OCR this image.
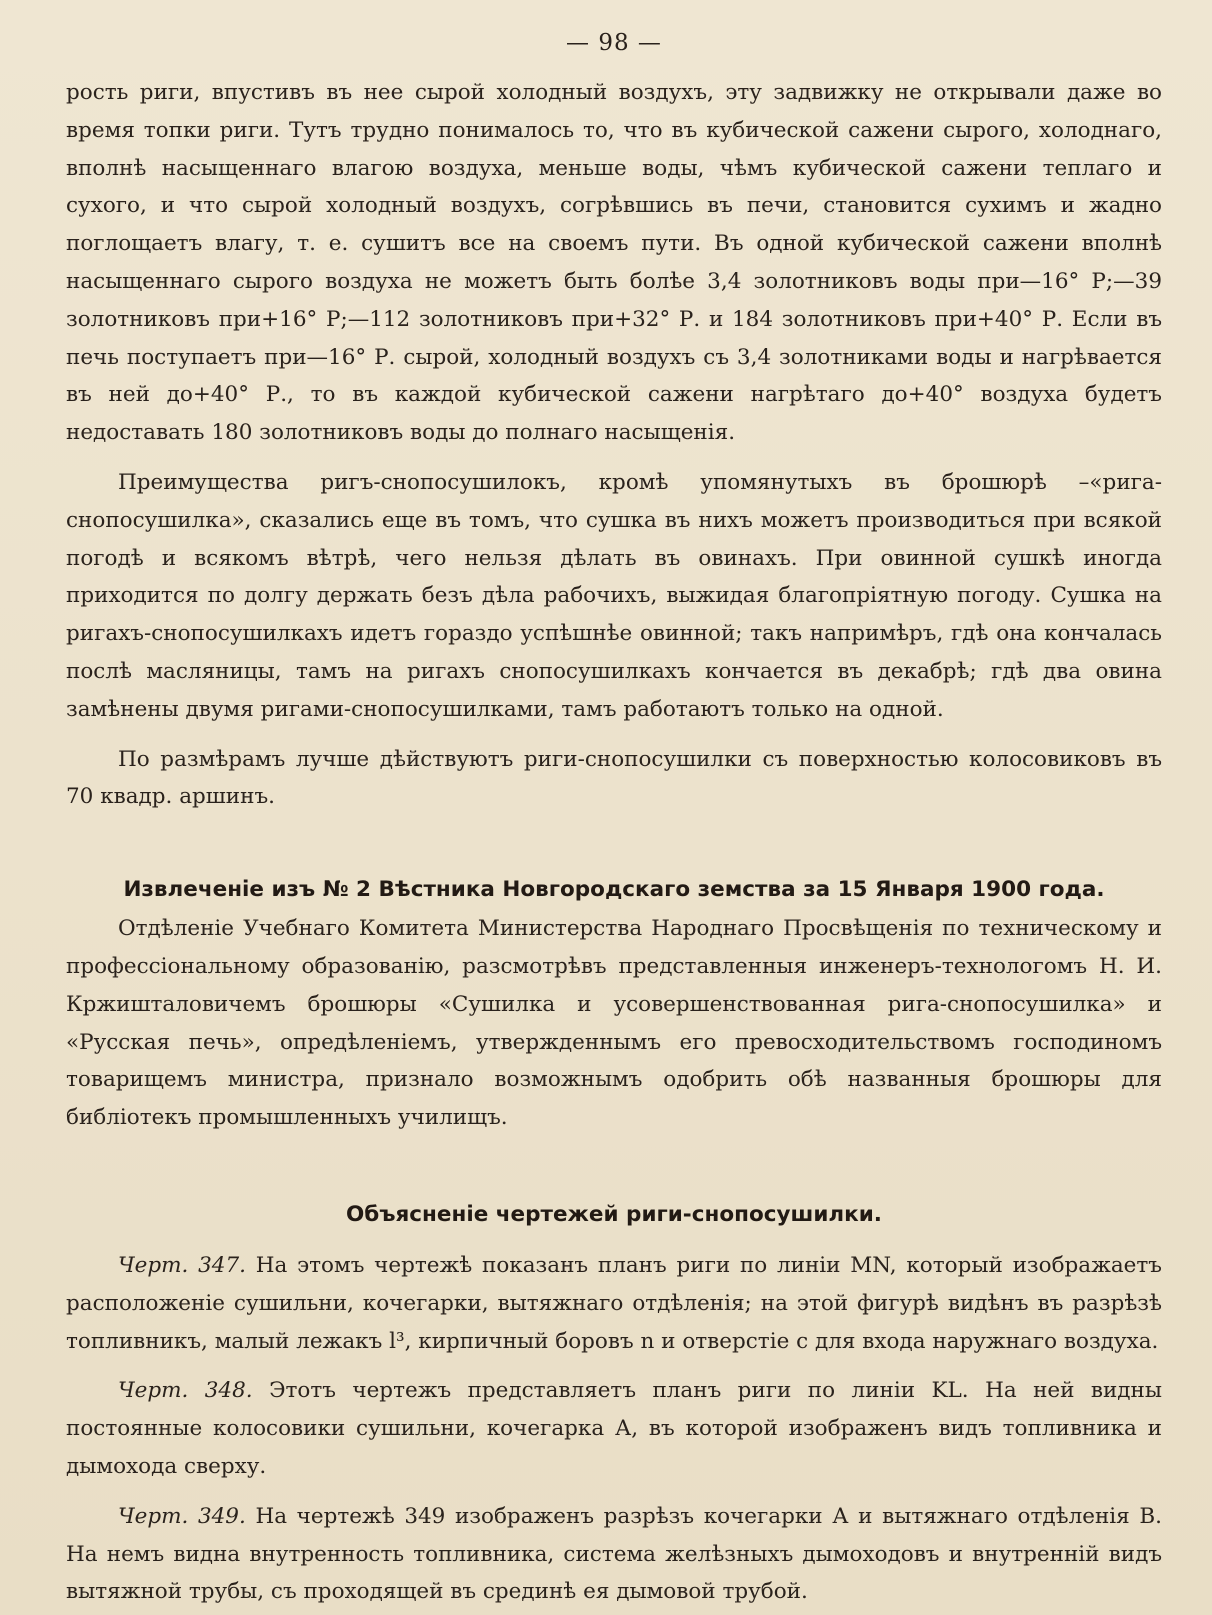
— 98 —

рость риги, впустивъ въ нее сырой холодный воздухъ, эту задвижку не открывали даже во время топки риги. Тутъ трудно понималось то, что въ кубической сажени сырого, холоднаго, вполнѣ насыщеннаго влагою воздуха, меньше воды, чѣмъ кубической сажени теплаго и сухого, и что сырой холодный воздухъ, согрѣвшись въ печи, становится сухимъ и жадно поглощаетъ влагу, т. е. сушитъ все на своемъ пути. Въ одной кубической сажени вполнѣ насыщеннаго сырого воздуха не можетъ быть болѣе 3,4 золотниковъ воды при—16° Р;—39 золотниковъ при+16° Р;—112 золотниковъ при+32° Р. и 184 золотниковъ при+40° Р. Если въ печь поступаетъ при—16° Р. сырой, холодный воздухъ съ 3,4 золотниками воды и нагрѣвается въ ней до+40° Р., то въ каждой кубической сажени нагрѣтаго до+40° воздуха будетъ недоставать 180 золотниковъ воды до полнаго насыщенія.

Преимущества ригъ-снопосушилокъ, кромѣ упомянутыхъ въ брошюрѣ –«рига-снопосушилка», сказались еще въ томъ, что сушка въ нихъ можетъ производиться при всякой погодѣ и всякомъ вѣтрѣ, чего нельзя дѣлать въ овинахъ. При овинной сушкѣ иногда приходится по долгу держать безъ дѣла рабочихъ, выжидая благопріятную погоду. Сушка на ригахъ-снопосушилкахъ идетъ гораздо успѣшнѣе овинной; такъ напримѣръ, гдѣ она кончалась послѣ масляницы, тамъ на ригахъ снопосушилкахъ кончается въ декабрѣ; гдѣ два овина замѣнены двумя ригами-снопосушилками, тамъ работаютъ только на одной.

По размѣрамъ лучше дѣйствуютъ риги-снопосушилки съ поверхностью колосовиковъ въ 70 квадр. аршинъ.

Извлеченіе изъ № 2 Вѣстника Новгородскаго земства за 15 Января 1900 года.

Отдѣленіе Учебнаго Комитета Министерства Народнаго Просвѣщенія по техническому и профессіональному образованію, разсмотрѣвъ представленныя инженеръ-технологомъ Н. И. Кржишталовичемъ брошюры «Сушилка и усовершенствованная рига-снопосушилка» и «Русская печь», опредѣленіемъ, утвержденнымъ его превосходительствомъ господиномъ товарищемъ министра, признало возможнымъ одобрить обѣ названныя брошюры для библіотекъ промышленныхъ училищъ.

Объясненіе чертежей риги-снопосушилки.

Черт. 347. На этомъ чертежѣ показанъ планъ риги по линіи MN, который изображаетъ расположеніе сушильни, кочегарки, вытяжнаго отдѣленія; на этой фигурѣ видѣнъ въ разрѣзѣ топливникъ, малый лежакъ l³, кирпичный боровъ n и отверстіе с для входа наружнаго воздуха.

Черт. 348. Этотъ чертежъ представляетъ планъ риги по линіи KL. На ней видны постоянные колосовики сушильни, кочегарка А, въ которой изображенъ видъ топливника и дымохода сверху.

Черт. 349. На чертежѣ 349 изображенъ разрѣзъ кочегарки А и вытяжнаго отдѣленія В. На немъ видна внутренность топливника, система желѣзныхъ дымоходовъ и внутренній видъ вытяжной трубы, съ проходящей въ срединѣ ея дымовой трубой.
